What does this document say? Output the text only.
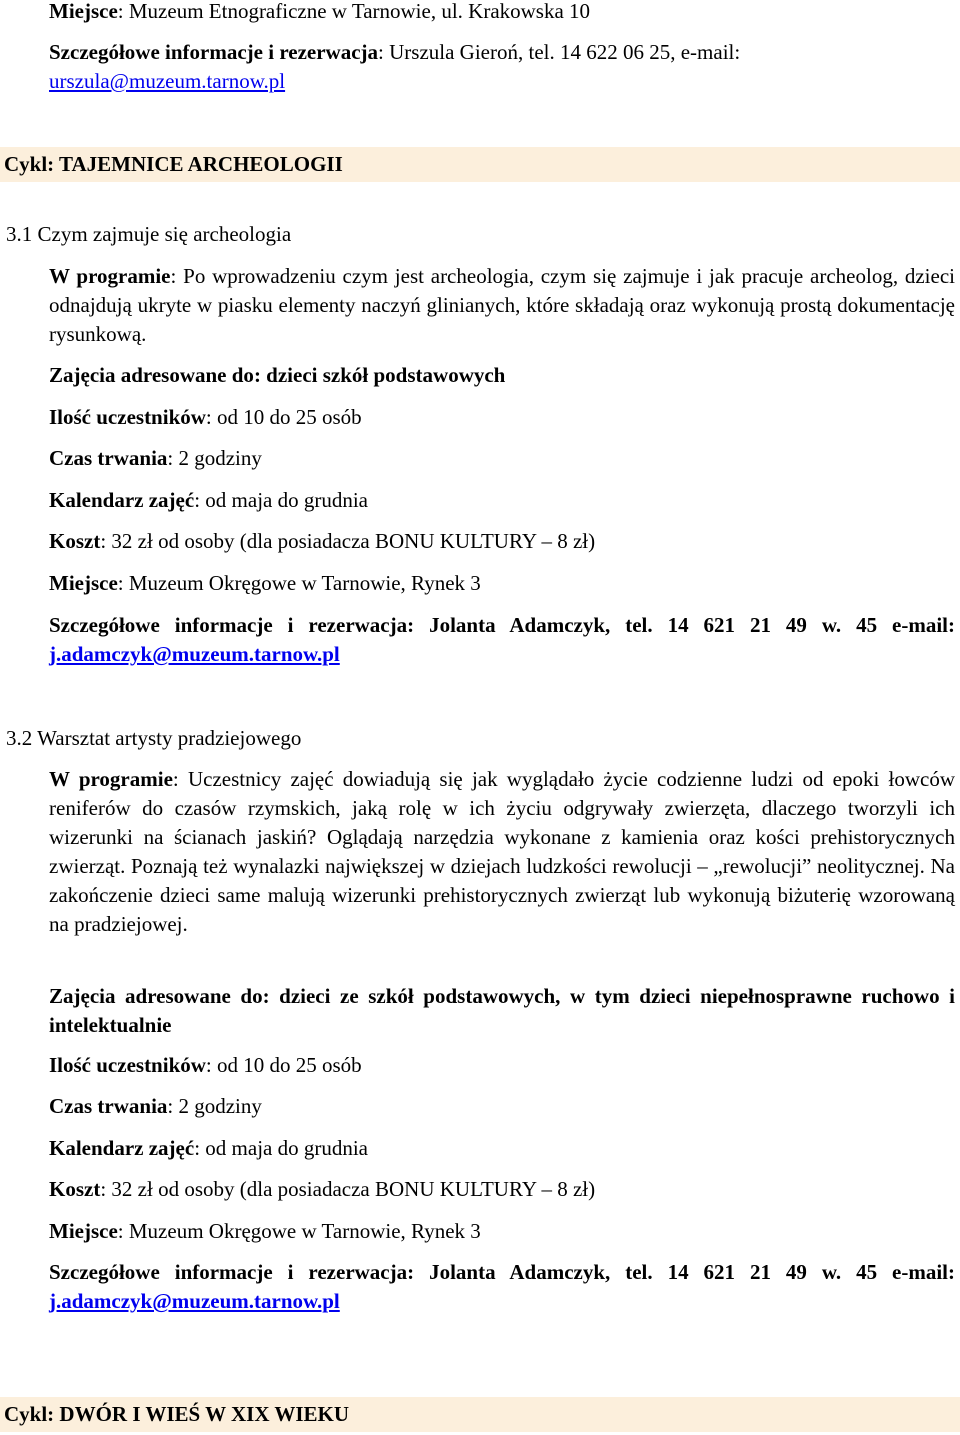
Miejsce: Muzeum Etnograficzne w Tarnowie, ul. Krakowska 10

Szczegółowe informacje i rezerwacja: Urszula Gieroń, tel. 14 622 06 25, e-mail:
urszula@muzeum.tarnow.pl

Cykl: TAJEMNICE ARCHEOLOGII

3.1 Czym zajmuje się archeologia

W programie: Po wprowadzeniu czym jest archeologia, czym się zajmuje i jak pracuje archeolog, dzieci odnajdują ukryte w piasku elementy naczyń glinianych, które składają oraz wykonują prostą dokumentację rysunkową.

Zajęcia adresowane do: dzieci szkół podstawowych

Ilość uczestników: od 10 do 25 osób

Czas trwania: 2 godziny

Kalendarz zajęć: od maja do grudnia

Koszt: 32 zł od osoby (dla posiadacza BONU KULTURY – 8 zł)

Miejsce: Muzeum Okręgowe w Tarnowie, Rynek 3

Szczegółowe informacje i rezerwacja: Jolanta Adamczyk, tel. 14 621 21 49 w. 45 e-mail: j.adamczyk@muzeum.tarnow.pl

3.2 Warsztat artysty pradziejowego

W programie: Uczestnicy zajęć dowiadują się jak wyglądało życie codzienne ludzi od epoki łowców reniferów do czasów rzymskich, jaką rolę w ich życiu odgrywały zwierzęta, dlaczego tworzyli ich wizerunki na ścianach jaskiń? Oglądają narzędzia wykonane z kamienia oraz kości prehistorycznych zwierząt. Poznają też wynalazki największej w dziejach ludzkości rewolucji – „rewolucji” neolitycznej. Na zakończenie dzieci same malują wizerunki prehistorycznych zwierząt lub wykonują biżuterię wzorowaną na pradziejowej.

Zajęcia adresowane do: dzieci ze szkół podstawowych, w tym dzieci niepełnosprawne ruchowo i intelektualnie

Ilość uczestników: od 10 do 25 osób

Czas trwania: 2 godziny

Kalendarz zajęć: od maja do grudnia

Koszt: 32 zł od osoby (dla posiadacza BONU KULTURY – 8 zł)

Miejsce: Muzeum Okręgowe w Tarnowie, Rynek 3

Szczegółowe informacje i rezerwacja: Jolanta Adamczyk, tel. 14 621 21 49 w. 45 e-mail: j.adamczyk@muzeum.tarnow.pl

Cykl: DWÓR I WIEŚ W XIX WIEKU
